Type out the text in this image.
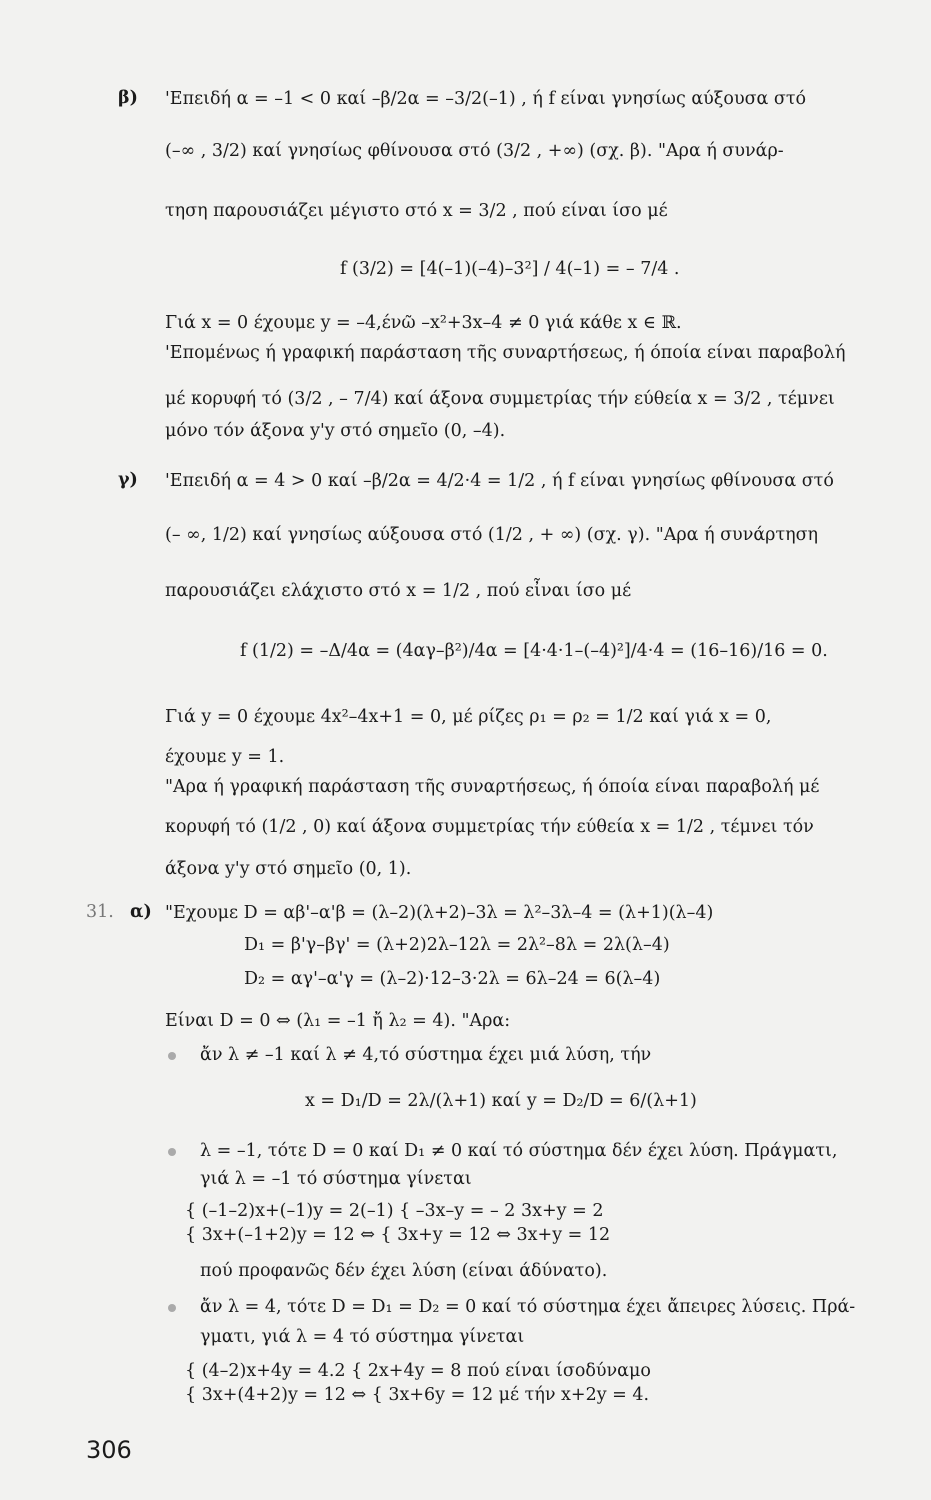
β) 'Επειδή α = –1 < 0 καί –β/2α = –3/2(–1) , ή f είναι γνησίως αύξουσα στό
(–∞ , 3/2) καί γνησίως φθίνουσα στό (3/2 , +∞) (σχ. β). "Αρα ή συνάρ-
τηση παρουσιάζει μέγιστο στό x = 3/2 , πού είναι ίσο μέ
f (3/2) = [4(–1)(–4)–3²] / 4(–1) = – 7/4 .
Γιά x = 0 έχουμε y = –4,ένῶ –x²+3x–4 ≠ 0 γιά κάθε x ∈ ℝ.
'Επομένως ή γραφική παράσταση τῆς συναρτήσεως, ή όποία είναι παραβολή
μέ κορυφή τό (3/2 , – 7/4) καί άξονα συμμετρίας τήν εύθεία x = 3/2 , τέμνει
μόνο τόν άξονα y'y στό σημεῖο (0, –4).
γ) 'Επειδή α = 4 > 0 καί –β/2α = 4/2·4 = 1/2 , ή f είναι γνησίως φθίνουσα στό
(– ∞, 1/2) καί γνησίως αύξουσα στό (1/2 , + ∞) (σχ. γ). "Αρα ή συνάρτηση
παρουσιάζει ελάχιστο στό x = 1/2 , πού εἶναι ίσο μέ
f (1/2) = –Δ/4α = (4αγ–β²)/4α = [4·4·1–(–4)²]/4·4 = (16–16)/16 = 0.
Γιά y = 0 έχουμε 4x²–4x+1 = 0, μέ ρίζες ρ₁ = ρ₂ = 1/2 καί γιά x = 0,
έχουμε y = 1.
"Αρα ή γραφική παράσταση τῆς συναρτήσεως, ή όποία είναι παραβολή μέ
κορυφή τό (1/2 , 0) καί άξονα συμμετρίας τήν εύθεία x = 1/2 , τέμνει τόν
άξονα y'y στό σημεῖο (0, 1).
31. α) "Εχουμε D = αβ'–α'β = (λ–2)(λ+2)–3λ = λ²–3λ–4 = (λ+1)(λ–4)
D₁ = β'γ–βγ' = (λ+2)2λ–12λ = 2λ²–8λ = 2λ(λ–4)
D₂ = αγ'–α'γ = (λ–2)·12–3·2λ = 6λ–24 = 6(λ–4)
Είναι D = 0 ⇔ (λ₁ = –1 ἤ λ₂ = 4). "Αρα:
ἄν λ ≠ –1 καί λ ≠ 4,τό σύστημα έχει μιά λύση, τήν
x = D₁/D = 2λ/(λ+1) καί y = D₂/D = 6/(λ+1)
λ = –1, τότε D = 0 καί D₁ ≠ 0 καί τό σύστημα δέν έχει λύση. Πράγματι,
γιά λ = –1 τό σύστημα γίνεται
{ (–1–2)x+(–1)y = 2(–1) { –3x–y = – 2 3x+y = 2
{ 3x+(–1+2)y = 12 ⇔ { 3x+y = 12 ⇔ 3x+y = 12
πού προφανῶς δέν έχει λύση (είναι άδύνατο).
ἄν λ = 4, τότε D = D₁ = D₂ = 0 καί τό σύστημα έχει ἄπειρες λύσεις. Πρά-
γματι, γιά λ = 4 τό σύστημα γίνεται
{ (4–2)x+4y = 4.2 { 2x+4y = 8 πού είναι ίσοδύναμο
{ 3x+(4+2)y = 12 ⇔ { 3x+6y = 12 μέ τήν x+2y = 4.
306
